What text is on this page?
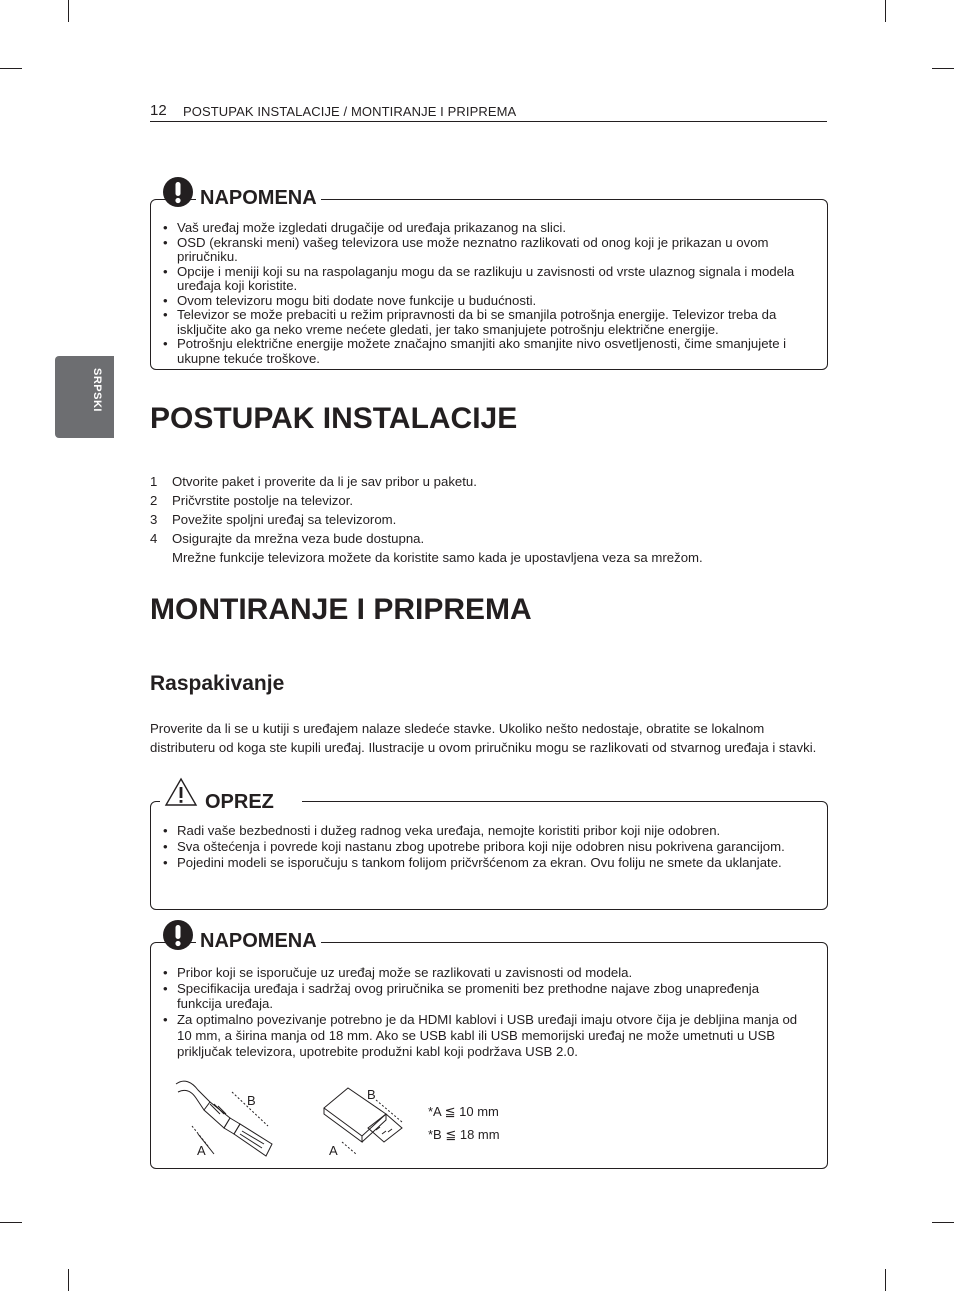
12 POSTUPAK INSTALACIJE / MONTIRANJE I PRIPREMA
SRPSKI
• Vaš uređaj može izgledati drugačije od uređaja prikazanog na slici.
• OSD (ekranski meni) vašeg televizora use može neznatno razlikovati od onog koji je prikazan u ovom priručniku.
• Opcije i meniji koji su na raspolaganju mogu da se razlikuju u zavisnosti od vrste ulaznog signala i modela uređaja koji koristite.
• Ovom televizoru mogu biti dodate nove funkcije u budućnosti.
• Televizor se može prebaciti u režim pripravnosti da bi se smanjila potrošnja energije. Televizor treba da isključite ako ga neko vreme nećete gledati, jer tako smanjujete potrošnju električne energije.
• Potrošnju električne energije možete značajno smanjiti ako smanjite nivo osvetljenosti, čime smanjujete i ukupne tekuće troškove.
NAPOMENA
POSTUPAK INSTALACIJE
1 Otvorite paket i proverite da li je sav pribor u paketu.
2 Pričvrstite postolje na televizor.
3 Povežite spoljni uređaj sa televizorom.
4 Osigurajte da mrežna veza bude dostupna.
Mrežne funkcije televizora možete da koristite samo kada je upostavljena veza sa mrežom.
MONTIRANJE I PRIPREMA
Raspakivanje

Proverite da li se u kutiji s uređajem nalaze sledeće stavke. Ukoliko nešto nedostaje, obratite se lokalnom distributeru od koga ste kupili uređaj. Ilustracije u ovom priručniku mogu se razlikovati od stvarnog uređaja i stavki.

• Radi vaše bezbednosti i dužeg radnog veka uređaja, nemojte koristiti pribor koji nije odobren.
• Sva oštećenja i povrede koji nastanu zbog upotrebe pribora koji nije odobren nisu pokrivena garancijom.
• Pojedini modeli se isporučuju s tankom folijom pričvršćenom za ekran. Ovu foliju ne smete da uklanjate.
OPREZ
• Pribor koji se isporučuje uz uređaj može se razlikovati u zavisnosti od modela.
• Specifikacija uređaja i sadržaj ovog priručnika se promeniti bez prethodne najave zbog unapređenja funkcija uređaja.
• Za optimalno povezivanje potrebno je da HDMI kablovi i USB uređaji imaju otvore čija je debljina manja od 10 mm, a širina manja od 18 mm. Ako se USB kabl ili USB memorijski uređaj ne može umetnuti u USB priključak televizora, upotrebite produžni kabl koji podržava USB 2.0.
NAPOMENA
B
A
B
A
*A ≦ 10 mm
*B ≦ 18 mm
